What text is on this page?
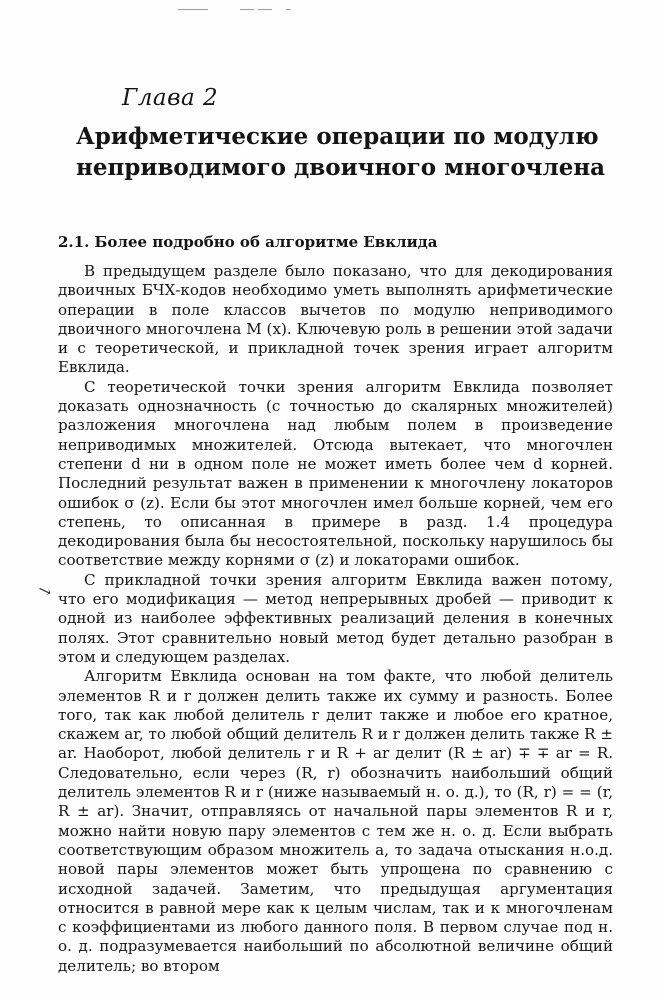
Глава 2
Арифметические операции по модулю неприводимого двоичного многочлена
2.1. Более подробно об алгоритме Евклида
↘

В предыдущем разделе было показано, что для декодирования двоичных БЧХ-кодов необходимо уметь выполнять арифметические операции в поле классов вычетов по модулю неприводимого двоичного многочлена M (x). Ключевую роль в решении этой задачи и с теоретической, и прикладной точек зрения играет алгоритм Евклида.

С теоретической точки зрения алгоритм Евклида позволяет доказать однозначность (с точностью до скалярных множителей) разложения многочлена над любым полем в произведение неприводимых множителей. Отсюда вытекает, что многочлен степени d ни в одном поле не может иметь более чем d корней. Последний результат важен в применении к многочлену локаторов ошибок σ (z). Если бы этот многочлен имел больше корней, чем его степень, то описанная в примере в разд. 1.4 процедура декодирования была бы несостоятельной, поскольку нарушилось бы соответствие между корнями σ (z) и локаторами ошибок.

С прикладной точки зрения алгоритм Евклида важен потому, что его модификация — метод непрерывных дробей — приводит к одной из наиболее эффективных реализаций деления в конечных полях. Этот сравнительно новый метод будет детально разобран в этом и следующем разделах.

Алгоритм Евклида основан на том факте, что любой делитель элементов R и r должен делить также их сумму и разность. Более того, так как любой делитель r делит также и любое его кратное, скажем ar, то любой общий делитель R и r должен делить также R ± ar. Наоборот, любой делитель r и R + ar делит (R ± ar) ∓ ∓ ar = R. Следовательно, если через (R, r) обозначить наибольший общий делитель элементов R и r (ниже называемый н. о. д.), то (R, r) = = (r, R ± ar). Значит, отправляясь от начальной пары элементов R и r, можно найти новую пару элементов с тем же н. о. д. Если выбрать соответствующим образом множитель a, то задача отыскания н.о.д. новой пары элементов может быть упрощена по сравнению с исходной задачей. Заметим, что предыдущая аргументация относится в равной мере как к целым числам, так и к многочленам с коэффициентами из любого данного поля. В первом случае под н. о. д. подразумевается наибольший по абсолютной величине общий делитель; во втором
